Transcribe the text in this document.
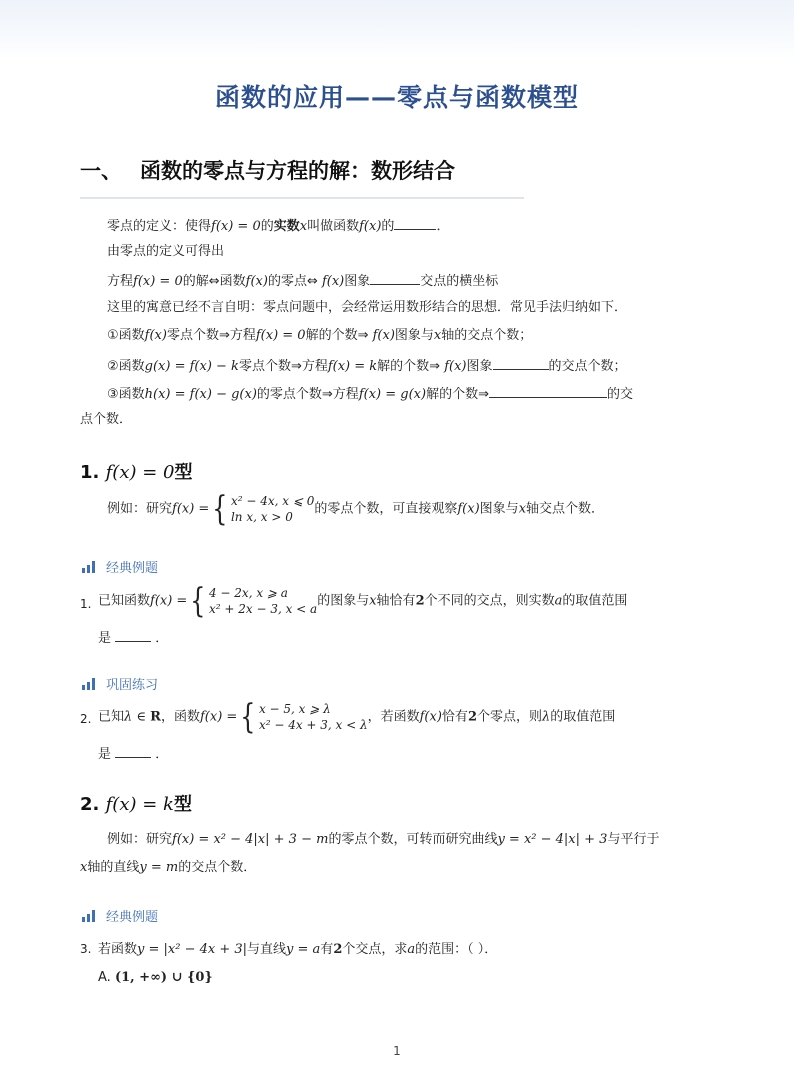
函数的应用——零点与函数模型
一、 函数的零点与方程的解：数形结合
零点的定义：使得f(x) = 0的实数x叫做函数f(x)的	．
由零点的定义可得出
方程f(x) = 0的解⇔函数f(x)的零点⇔ f(x)图象	交点的横坐标
这里的寓意已经不言自明：零点问题中，会经常运用数形结合的思想．常见手法归纳如下．
①函数f(x)零点个数⇒方程f(x) = 0解的个数⇒ f(x)图象与x轴的交点个数；
②函数g(x) = f(x) − k零点个数⇒方程f(x) = k解的个数⇒ f(x)图象	的交点个数；
③函数h(x) = f(x) − g(x)的零点个数⇒方程f(x) = g(x)解的个数⇒	的交
点个数．
1. f(x) = 0型
例如：研究f(x) ={ x² − 4x, x ⩽ 0
ln x, x > 0的零点个数，可直接观察f(x)图象与x轴交点个数．
经典例题
1. 已知函数f(x) ={ 4 − 2x, x ⩾ a
x² + 2x − 3, x < a的图象与x轴恰有2个不同的交点，则实数a的取值范围
是	．
巩固练习
2. 已知λ ∈ R，函数f(x) ={ x − 5, x ⩾ λ
x² − 4x + 3, x < λ，若函数f(x)恰有2个零点，则λ的取值范围
是	．
2. f(x) = k型
例如：研究f(x) = x² − 4|x| + 3 − m的零点个数，可转而研究曲线y = x² − 4|x| + 3与平行于
x轴的直线y = m的交点个数．
经典例题
3. 若函数y = |x² − 4x + 3|与直线y = a有2个交点，求a的范围：（ ）．
A. (1, +∞) ∪ {0}
1
